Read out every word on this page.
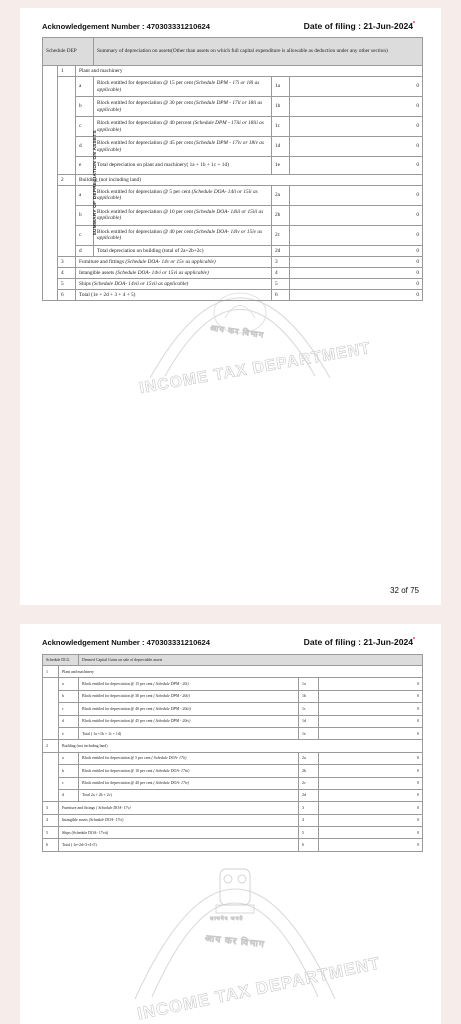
Acknowledgement Number : 470303331210624	Date of filing : 21-Jun-2024*
आय कर विभाग
INCOME TAX DEPARTMENT
Schedule DEP			Summary of depreciation on assets(Other than assets on which full capital expenditure is allowable as deduction under any other section)		
SUMMARY OF DEPRECIATION ON ASSETS	1	Plant and machinery			
		a	Block entitled for depreciation @ 15 per cent (Schedule DPM - 17i or 18i as applicable)	1a	0
		b	Block entitled for depreciation @ 30 per cent (Schedule DPM - 17ii or 18ii as applicable)	1b	0
		c	Block entitled for depreciation @ 40 percent (Schedule DPM - 17iii or 18iii as applicable)	1c	0
		d	Block entitled for depreciation @ 45 per cent (Schedule DPM - 17iv or 18iv as applicable)	1d	0
		e	Total depreciation on plant and machinery( 1a + 1b + 1c + 1d)	1e	0
	2	Building (not including land)			
		a	Block entitled for depreciation @ 5 per cent (Schedule DOA- 14ii or 15ii as applicable)	2a	0
		b	Block entitled for depreciation @ 10 per cent (Schedule DOA- 14iii or 15iii as applicable)	2b	0
		c	Block entitled for depreciation @ 40 per cent (Schedule DOA- 14iv or 15iv as applicable)	2c	0
		d	Total depreciation on building (total of 2a+2b+2c)	2d	0
	3	Furniture and fittings (Schedule DOA- 14v or 15v as applicable)		3	0
	4	Intangible assets (Schedule DOA- 14vi or 15vi as applicable)		4	0
	5	Ships (Schedule DOA- 14vii or 15vii as applicable)		5	0
	6	Total (1e + 2d + 3 + 4 + 5)		6	0
32 of 75
Acknowledgement Number : 470303331210624	Date of filing : 21-Jun-2024*
सत्यमेव जयते
आय कर विभाग
INCOME TAX DEPARTMENT
Schedule DCG		Deemed Capital Gains on sale of depreciable assets		
1	Plant and machinery			
	a	Block entitled for depreciation @ 15 per cent ( Schedule DPM - 20i)	1a	0
	b	Block entitled for depreciation @ 30 per cent ( Schedule DPM - 20ii)	1b	0
	c	Block entitled for depreciation @ 40 per cent ( Schedule DPM - 20iii)	1c	0
	d	Block entitled for depreciation @ 45 per cent ( Schedule DPM - 20iv)	1d	0
	e	Total ( 1a +1b + 1c + 1d)	1e	0
2	Building (not including land)			
	a	Block entitled for depreciation @ 5 per cent ( Schedule DOA- 17ii)	2a	0
	b	Block entitled for depreciation @ 10 per cent ( Schedule DOA- 17iii)	2b	0
	c	Block entitled for depreciation @ 40 per cent ( Schedule DOA- 17iv)	2c	0
	d	Total 2a + 2b + 2c)	2d	0
3	Furniture and fittings ( Schedule DOA- 17v)		3	0
4	Intangible assets (Schedule DOA- 17vi)		4	0
5	Ships (Schedule DOA- 17vii)		5	0
6	Total ( 1e+2d+3+4+5)		6	0
